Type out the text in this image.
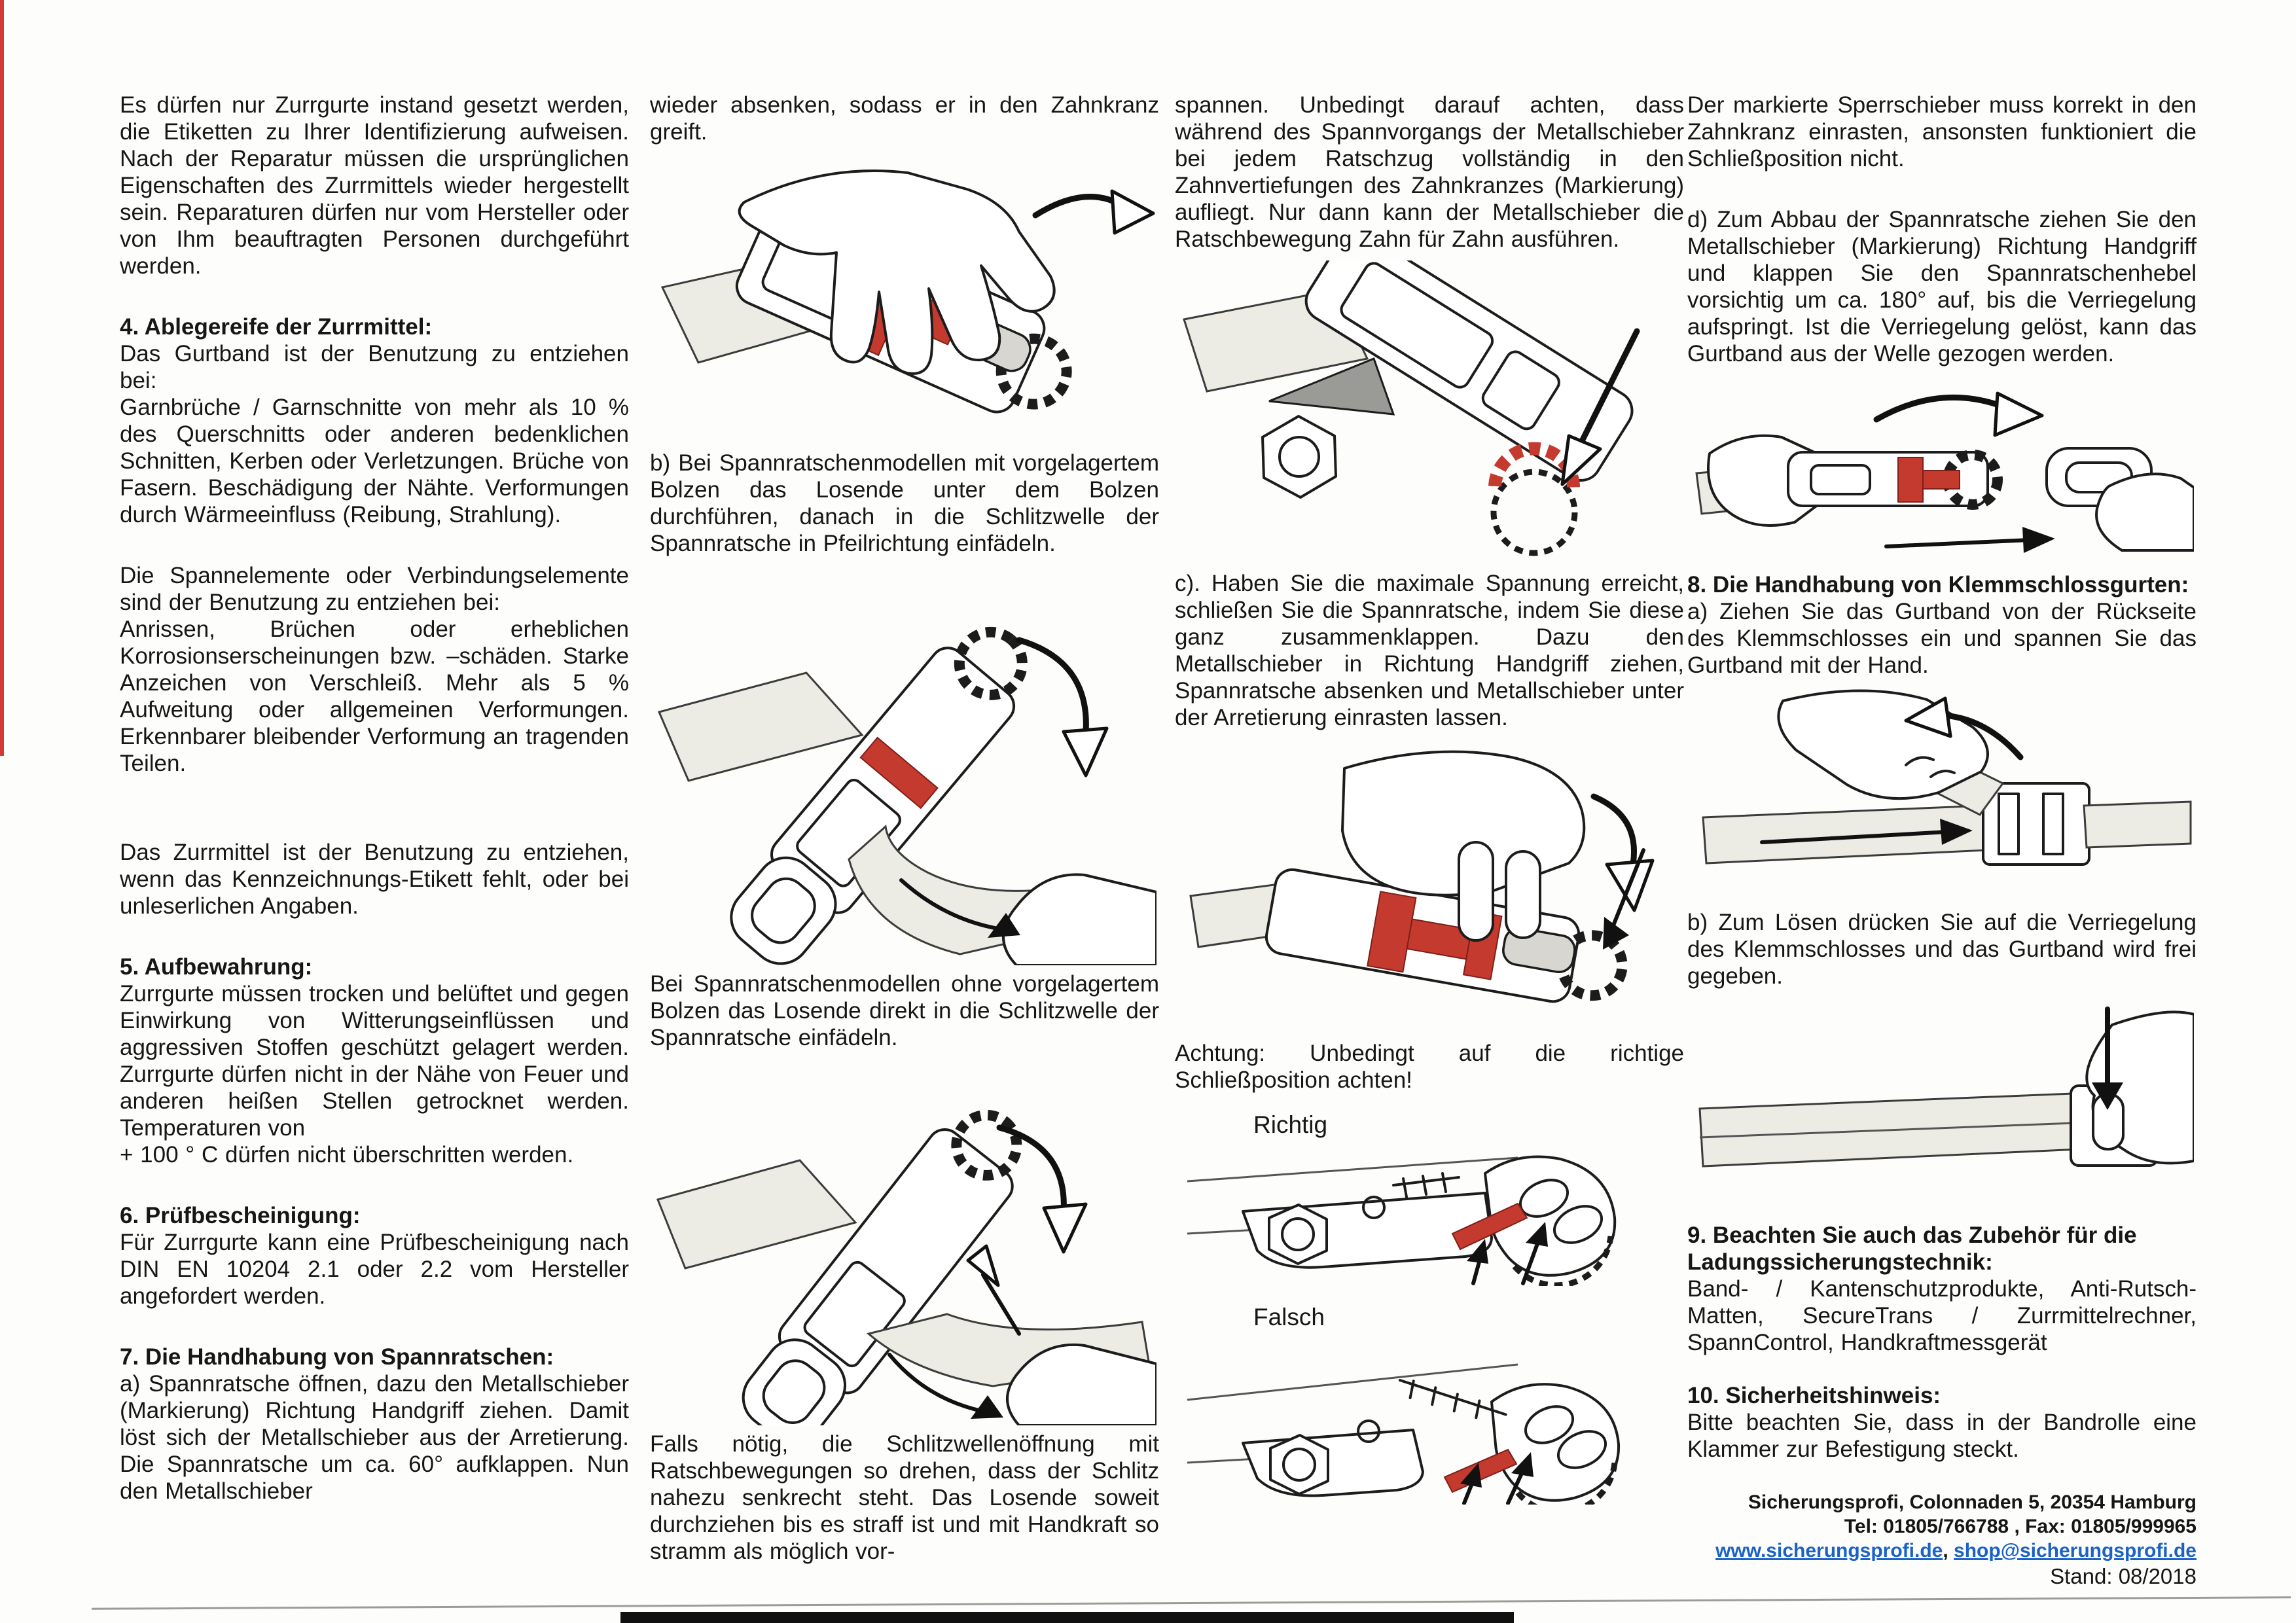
Es dürfen nur Zurrgurte instand gesetzt werden, die Etiketten zu Ihrer Identifizierung aufweisen. Nach der Reparatur müssen die ursprünglichen Eigenschaften des Zurrmittels wieder hergestellt sein. Reparaturen dürfen nur vom Hersteller oder von Ihm beauftragten Personen durchgeführt werden.

4. Ablegereife der Zurrmittel:

Das Gurtband ist der Benutzung zu entziehen bei:

Garnbrüche / Garnschnitte von mehr als 10 % des Querschnitts oder anderen bedenklichen Schnitten, Kerben oder Verletzungen. Brüche von Fasern. Beschädigung der Nähte. Verformungen durch Wärmeeinfluss (Reibung, Strahlung).

Die Spannelemente oder Verbindungselemente sind der Benutzung zu entziehen bei:

Anrissen, Brüchen oder erheblichen Korrosionserscheinungen bzw. –schäden. Starke Anzeichen von Verschleiß. Mehr als 5 % Aufweitung oder allgemeinen Verformungen. Erkennbarer bleibender Verformung an tragenden Teilen.

Das Zurrmittel ist der Benutzung zu entziehen, wenn das Kennzeichnungs-Etikett fehlt, oder bei unleserlichen Angaben.

5. Aufbewahrung:

Zurrgurte müssen trocken und belüftet und gegen Einwirkung von Witterungseinflüssen und aggressiven Stoffen geschützt gelagert werden. Zurrgurte dürfen nicht in der Nähe von Feuer und anderen heißen Stellen getrocknet werden. Temperaturen von

+ 100 ° C dürfen nicht überschritten werden.

6. Prüfbescheinigung:

Für Zurrgurte kann eine Prüfbescheinigung nach DIN EN 10204 2.1 oder 2.2 vom Hersteller angefordert werden.

7. Die Handhabung von Spannratschen:

a) Spannratsche öffnen, dazu den Metallschieber (Markierung) Richtung Handgriff ziehen. Damit löst sich der Metallschieber aus der Arretierung. Die Spannratsche um ca. 60° aufklappen. Nun den Metallschieber

wieder absenken, sodass er in den Zahnkranz greift.

b) Bei Spannratschenmodellen mit vorgelagertem Bolzen das Losende unter dem Bolzen durchführen, danach in die Schlitzwelle der Spannratsche in Pfeilrichtung einfädeln.

Bei Spannratschenmodellen ohne vorgelagertem Bolzen das Losende direkt in die Schlitzwelle der Spannratsche einfädeln.

Falls nötig, die Schlitzwellenöffnung mit Ratschbewegungen so drehen, dass der Schlitz nahezu senkrecht steht. Das Losende soweit durchziehen bis es straff ist und mit Handkraft so stramm als möglich vor-

spannen. Unbedingt darauf achten, dass während des Spannvorgangs der Metallschieber bei jedem Ratschzug vollständig in den Zahnvertiefungen des Zahnkranzes (Markierung) aufliegt. Nur dann kann der Metallschieber die Ratschbewegung Zahn für Zahn ausführen.

c). Haben Sie die maximale Spannung erreicht, schließen Sie die Spannratsche, indem Sie diese ganz zusammenklappen. Dazu den Metallschieber in Richtung Handgriff ziehen, Spannratsche absenken und Metallschieber unter der Arretierung einrasten lassen.

Achtung: Unbedingt auf die richtige Schließposition achten!

Richtig
Falsch

Der markierte Sperrschieber muss korrekt in den Zahnkranz einrasten, ansonsten funktioniert die Schließposition nicht.

d) Zum Abbau der Spannratsche ziehen Sie den Metallschieber (Markierung) Richtung Handgriff und klappen Sie den Spannratschenhebel vorsichtig um ca. 180° auf, bis die Verriegelung aufspringt. Ist die Verriegelung gelöst, kann das Gurtband aus der Welle gezogen werden.

8. Die Handhabung von Klemmschlossgurten:

a) Ziehen Sie das Gurtband von der Rückseite des Klemmschlosses ein und spannen Sie das Gurtband mit der Hand.

b) Zum Lösen drücken Sie auf die Verriegelung des Klemmschlosses und das Gurtband wird frei gegeben.

9. Beachten Sie auch das Zubehör für die Ladungssicherungstechnik:

Band- / Kantenschutzprodukte, Anti-Rutsch-Matten, SecureTrans / Zurrmittelrechner, SpannControl, Handkraftmessgerät

10. Sicherheitshinweis:

Bitte beachten Sie, dass in der Bandrolle eine Klammer zur Befestigung steckt.

Sicherungsprofi, Colonnaden 5, 20354 Hamburg

Tel: 01805/766788 , Fax: 01805/999965

www.sicherungsprofi.de, shop@sicherungsprofi.de

Stand: 08/2018
